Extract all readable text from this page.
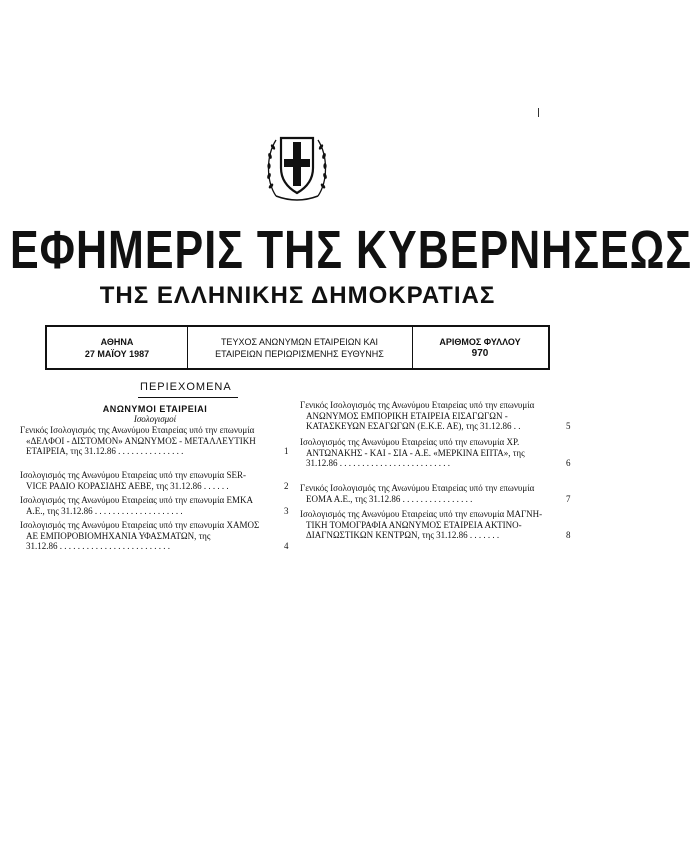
ΕΦΗΜΕΡΙΣ ΤΗΣ ΚΥΒΕΡΝΗΣΕΩΣ
ΤΗΣ ΕΛΛΗΝΙΚΗΣ ΔΗΜΟΚΡΑΤΙΑΣ
ΑΘΗΝΑ
27 ΜΑΪΟΥ 1987
ΤΕΥΧΟΣ ΑΝΩΝΥΜΩΝ ΕΤΑΙΡΕΙΩΝ ΚΑΙ
ΕΤΑΙΡΕΙΩΝ ΠΕΡΙΩΡΙΣΜΕΝΗΣ ΕΥΘΥΝΗΣ
ΑΡΙΘΜΟΣ ΦΥΛΛΟΥ
970
ΠΕΡΙΕΧΟΜΕΝΑ
ΑΝΩΝΥΜΟΙ ΕΤΑΙΡΕΙΑΙ
Ισολογισμοί
Γενικός Ισολογισμός της Ανωνύμου Εταιρείας υπό την επωνυμία
«ΔΕΛΦΟΙ - ΔΙΣΤΟΜΟΝ» ΑΝΩΝΥΜΟΣ - ΜΕΤΑΛΛΕΥΤΙΚΗ
ΕΤΑΙΡΕΙΑ, της 31.12.86 . . . . . . . . . . . . . . .	1
Ισολογισμός της Ανωνύμου Εταιρείας υπό την επωνυμία SER-
VICE ΡΑΔΙΟ ΚΟΡΑΣΙΔΗΣ ΑΕΒΕ, της 31.12.86 . . . . . .	2
Ισολογισμός της Ανωνύμου Εταιρείας υπό την επωνυμία ΕΜΚΑ
Α.Ε., της 31.12.86 . . . . . . . . . . . . . . . . . . . .	3
Ισολογισμός της Ανωνύμου Εταιρείας υπό την επωνυμία ΧΑΜΟΣ
ΑΕ ΕΜΠΟΡΟΒΙΟΜΗΧΑΝΙΑ ΥΦΑΣΜΑΤΩΝ, της
31.12.86 . . . . . . . . . . . . . . . . . . . . . . . . .	4
Γενικός Ισολογισμός της Ανωνύμου Εταιρείας υπό την επωνυμία
ΑΝΩΝΥΜΟΣ ΕΜΠΟΡΙΚΗ ΕΤΑΙΡΕΙΑ ΕΙΣΑΓΩΓΩΝ -
ΚΑΤΑΣΚΕΥΩΝ ΕΣΑΓΩΓΩΝ (Ε.Κ.Ε. ΑΕ), της 31.12.86 . .	5
Ισολογισμός της Ανωνύμου Εταιρείας υπό την επωνυμία ΧΡ.
ΑΝΤΩΝΑΚΗΣ - ΚΑΙ - ΣΙΑ - Α.Ε. «ΜΕΡΚΙΝΑ ΕΠΤΑ», της
31.12.86 . . . . . . . . . . . . . . . . . . . . . . . . .	6
Γενικός Ισολογισμός της Ανωνύμου Εταιρείας υπό την επωνυμία
ΕΟΜΑ Α.Ε., της 31.12.86 . . . . . . . . . . . . . . . .	7
Ισολογισμός της Ανωνύμου Εταιρείας υπό την επωνυμία ΜΑΓΝΗ-
ΤΙΚΗ ΤΟΜΟΓΡΑΦΙΑ ΑΝΩΝΥΜΟΣ ΕΤΑΙΡΕΙΑ ΑΚΤΙΝΟ-
ΔΙΑΓΝΩΣΤΙΚΩΝ ΚΕΝΤΡΩΝ, της 31.12.86 . . . . . . .	8
